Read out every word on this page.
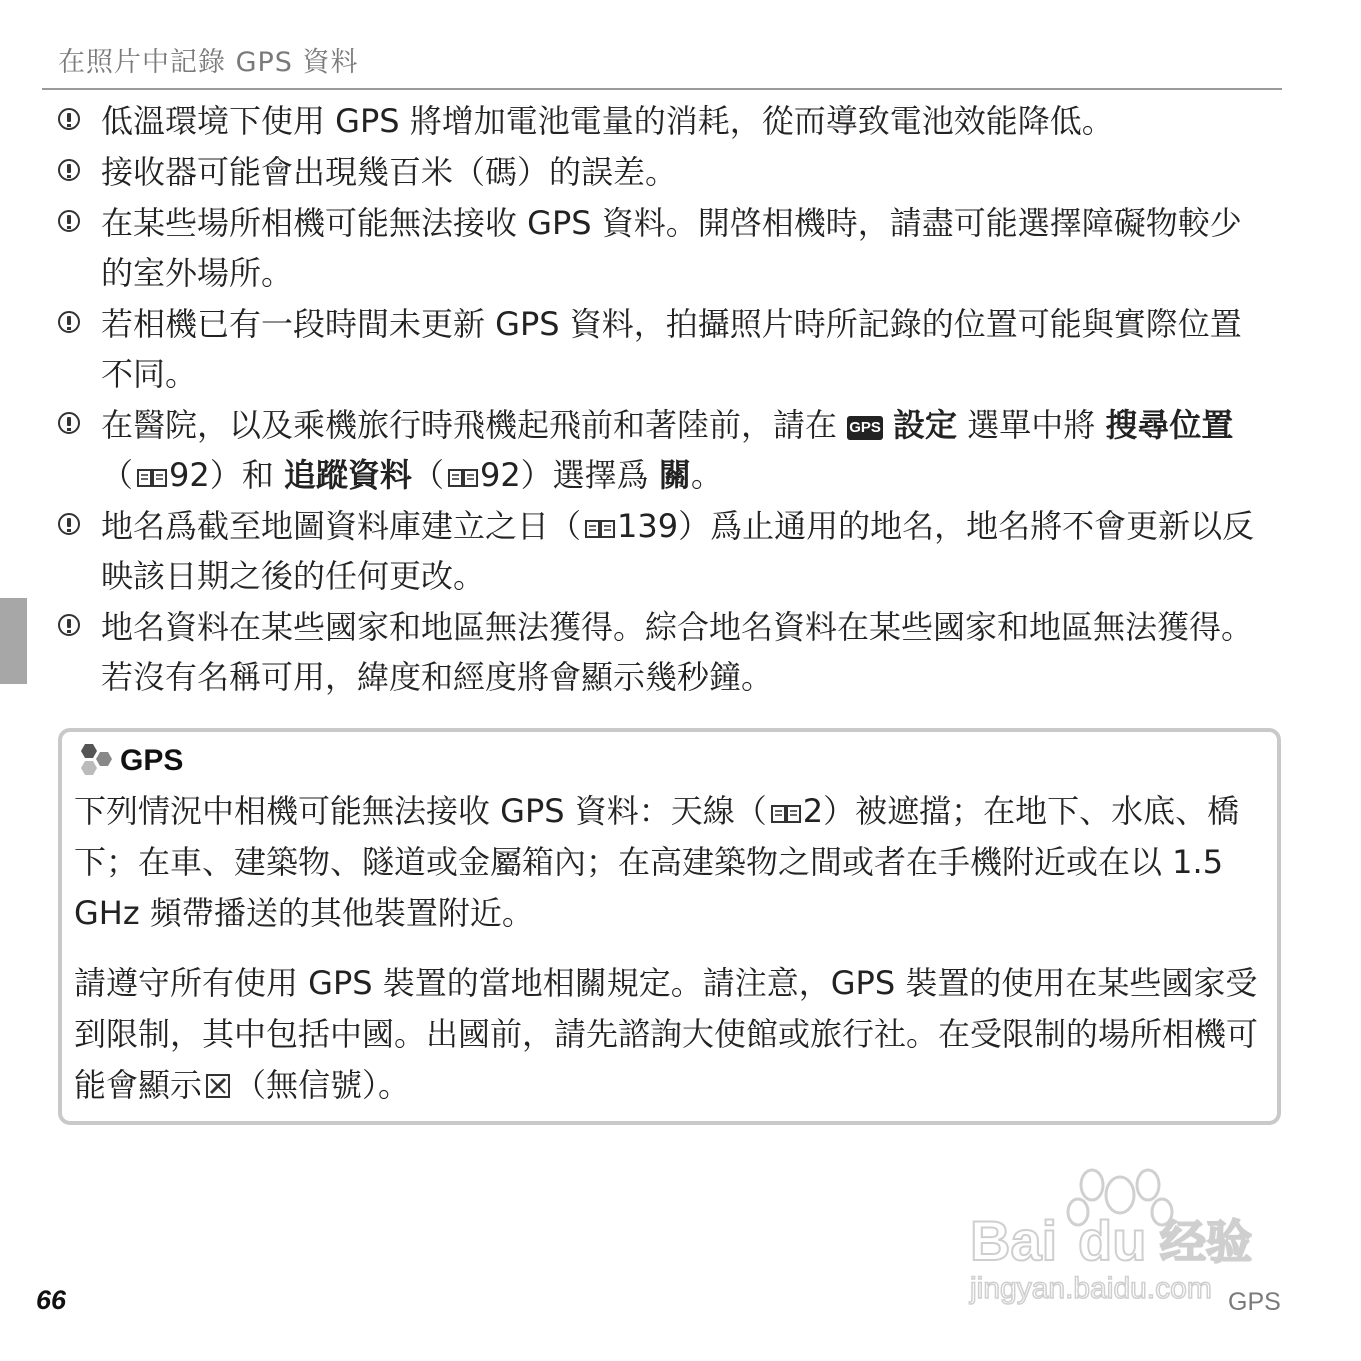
在照片中記錄 GPS 資料
低溫環境下使用 GPS 將增加電池電量的消耗，從而導致電池效能降低。
接收器可能會出現幾百米（碼）的誤差。
在某些場所相機可能無法接收 GPS 資料。開啓相機時，請盡可能選擇障礙物較少的室外場所。
若相機已有一段時間未更新 GPS 資料，拍攝照片時所記錄的位置可能與實際位置不同。
在醫院，以及乘機旅行時飛機起飛前和著陸前，請在 GPS 設定 選單中將 搜尋位置（ 92）和 追蹤資料（ 92）選擇爲 關。
地名爲截至地圖資料庫建立之日（ 139）爲止通用的地名，地名將不會更新以反映該日期之後的任何更改。
地名資料在某些國家和地區無法獲得。綜合地名資料在某些國家和地區無法獲得。若沒有名稱可用，緯度和經度將會顯示幾秒鐘。
GPS
下列情況中相機可能無法接收 GPS 資料：天線（ 2）被遮擋；在地下、水底、橋下；在車、建築物、隧道或金屬箱內；在高建築物之間或者在手機附近或在以 1.5 GHz 頻帶播送的其他裝置附近。
請遵守所有使用 GPS 裝置的當地相關規定。請注意，GPS 裝置的使用在某些國家受到限制，其中包括中國。出國前，請先諮詢大使館或旅行社。在受限制的場所相機可能會顯示 （無信號）。
Bai du 经验
jingyan.baidu.com
66	GPS
